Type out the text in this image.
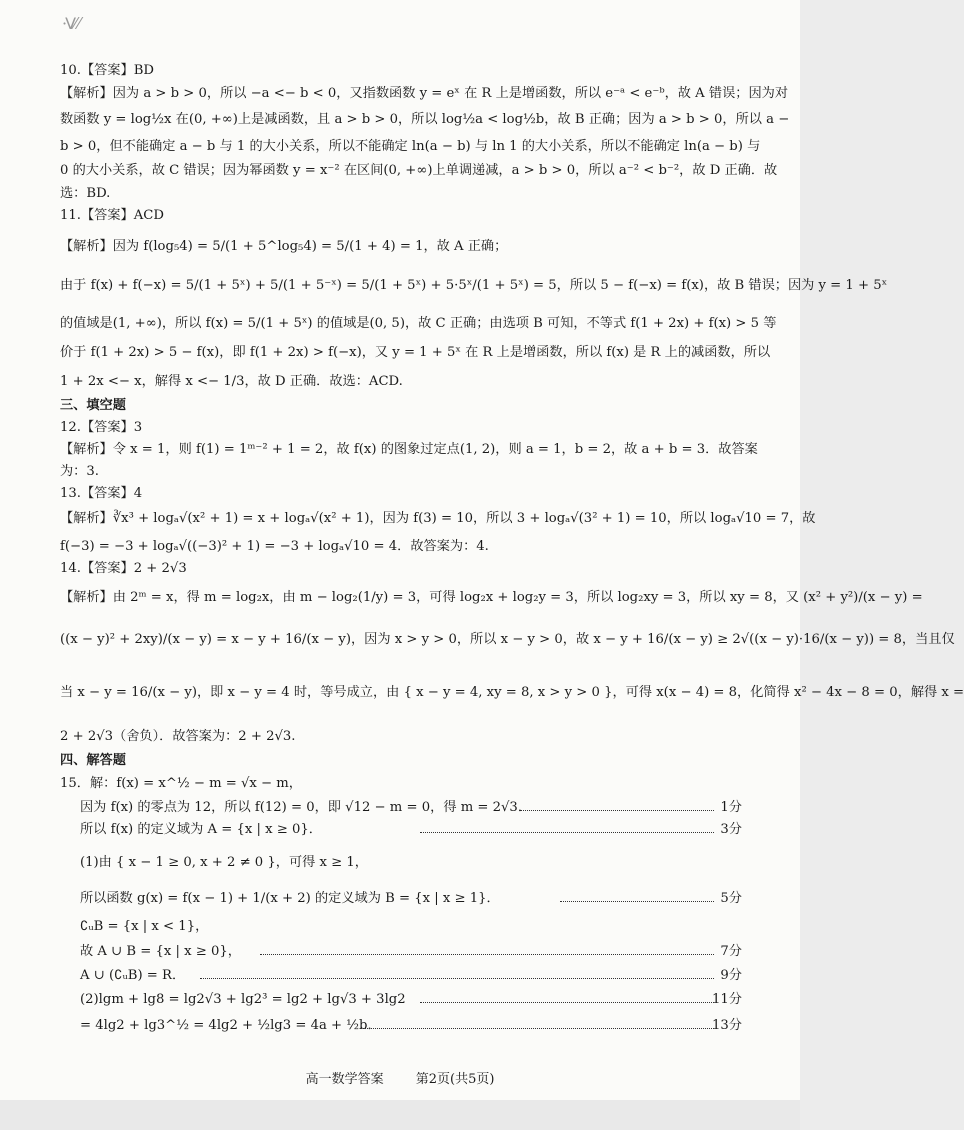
·ᐯ⁄ ⁄
10.【答案】BD
【解析】因为 a > b > 0，所以 −a <− b < 0，又指数函数 y = eˣ 在 R 上是增函数，所以 e⁻ᵃ < e⁻ᵇ，故 A 错误；因为对
数函数 y = log½x 在(0, +∞)上是减函数，且 a > b > 0，所以 log½a < log½b，故 B 正确；因为 a > b > 0，所以 a −
b > 0，但不能确定 a − b 与 1 的大小关系，所以不能确定 ln(a − b) 与 ln 1 的大小关系，所以不能确定 ln(a − b) 与
0 的大小关系，故 C 错误；因为幂函数 y = x⁻² 在区间(0, +∞)上单调递减，a > b > 0，所以 a⁻² < b⁻²，故 D 正确．故
选：BD.
11.【答案】ACD
【解析】因为 f(log₅4) = 5/(1 + 5^log₅4) = 5/(1 + 4) = 1，故 A 正确；
由于 f(x) + f(−x) = 5/(1 + 5ˣ) + 5/(1 + 5⁻ˣ) = 5/(1 + 5ˣ) + 5·5ˣ/(1 + 5ˣ) = 5，所以 5 − f(−x) = f(x)，故 B 错误；因为 y = 1 + 5ˣ
的值域是(1, +∞)，所以 f(x) = 5/(1 + 5ˣ) 的值域是(0, 5)，故 C 正确；由选项 B 可知，不等式 f(1 + 2x) + f(x) > 5 等
价于 f(1 + 2x) > 5 − f(x)，即 f(1 + 2x) > f(−x)，又 y = 1 + 5ˣ 在 R 上是增函数，所以 f(x) 是 R 上的减函数，所以
1 + 2x <− x，解得 x <− 1/3，故 D 正确．故选：ACD.
三、填空题
12.【答案】3
【解析】令 x = 1，则 f(1) = 1ᵐ⁻² + 1 = 2，故 f(x) 的图象过定点(1, 2)，则 a = 1，b = 2，故 a + b = 3．故答案
为：3.
13.【答案】4
【解析】∛x³ + logₐ√(x² + 1) = x + logₐ√(x² + 1)，因为 f(3) = 10，所以 3 + logₐ√(3² + 1) = 10，所以 logₐ√10 = 7，故
f(−3) = −3 + logₐ√((−3)² + 1) = −3 + logₐ√10 = 4．故答案为：4.
14.【答案】2 + 2√3
【解析】由 2ᵐ = x，得 m = log₂x，由 m − log₂(1/y) = 3，可得 log₂x + log₂y = 3，所以 log₂xy = 3，所以 xy = 8，又 (x² + y²)/(x − y) =
((x − y)² + 2xy)/(x − y) = x − y + 16/(x − y)，因为 x > y > 0，所以 x − y > 0，故 x − y + 16/(x − y) ≥ 2√((x − y)·16/(x − y)) = 8，当且仅
当 x − y = 16/(x − y)，即 x − y = 4 时，等号成立，由 { x − y = 4, xy = 8, x > y > 0 }，可得 x(x − 4) = 8，化简得 x² − 4x − 8 = 0，解得 x =
2 + 2√3（舍负）．故答案为：2 + 2√3.
四、解答题
15．解：f(x) = x^½ − m = √x − m，
因为 f(x) 的零点为 12，所以 f(12) = 0，即 √12 − m = 0，得 m = 2√3．	1分
所以 f(x) 的定义域为 A = {x | x ≥ 0}．	3分
(1)由 { x − 1 ≥ 0, x + 2 ≠ 0 }，可得 x ≥ 1，
所以函数 g(x) = f(x − 1) + 1/(x + 2) 的定义域为 B = {x | x ≥ 1}．	5分
∁ᵤB = {x | x < 1}，
故 A ∪ B = {x | x ≥ 0}，	7分
A ∪ (∁ᵤB) = R．	9分
(2)lgm + lg8 = lg2√3 + lg2³ = lg2 + lg√3 + 3lg2	11分
= 4lg2 + lg3^½ = 4lg2 + ½lg3 = 4a + ½b．	13分
高一数学答案 第2页(共5页)
